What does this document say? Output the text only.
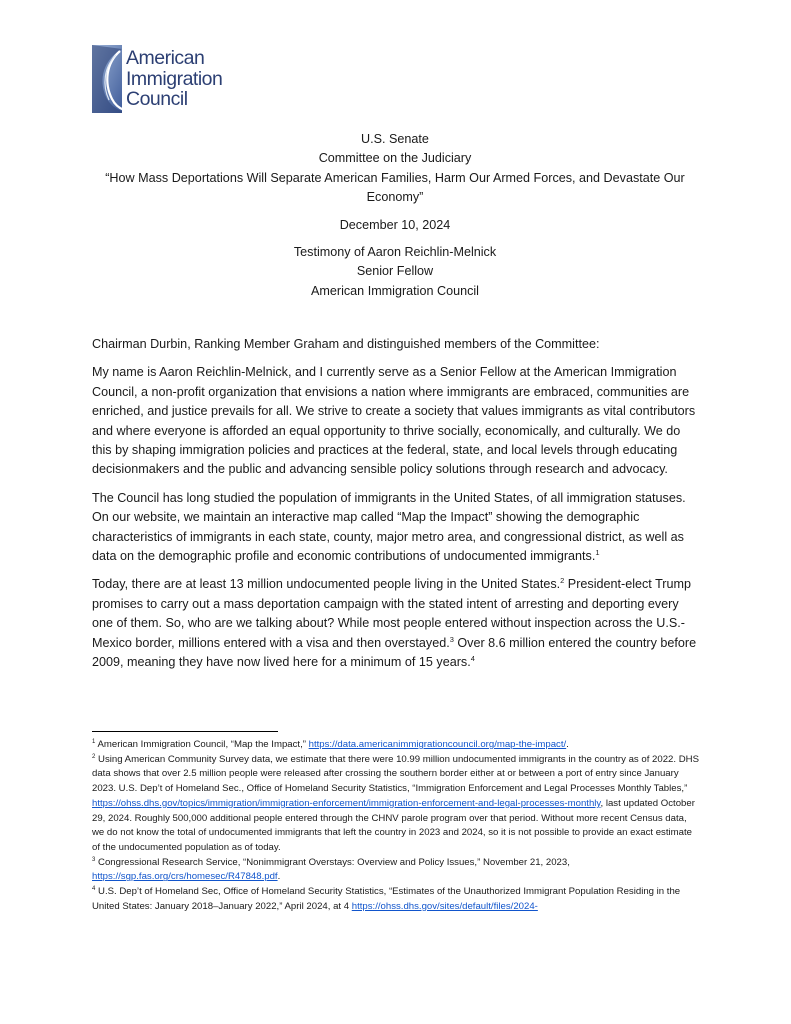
American
Immigration
Council
U.S. Senate
Committee on the Judiciary
“How Mass Deportations Will Separate American Families, Harm Our Armed Forces, and Devastate Our Economy”
December 10, 2024
Testimony of Aaron Reichlin-Melnick
Senior Fellow
American Immigration Council

Chairman Durbin, Ranking Member Graham and distinguished members of the Committee:

My name is Aaron Reichlin-Melnick, and I currently serve as a Senior Fellow at the American Immigration Council, a non-profit organization that envisions a nation where immigrants are embraced, communities are enriched, and justice prevails for all. We strive to create a society that values immigrants as vital contributors and where everyone is afforded an equal opportunity to thrive socially, economically, and culturally. We do this by shaping immigration policies and practices at the federal, state, and local levels through educating decisionmakers and the public and advancing sensible policy solutions through research and advocacy.

The Council has long studied the population of immigrants in the United States, of all immigration statuses. On our website, we maintain an interactive map called “Map the Impact” showing the demographic characteristics of immigrants in each state, county, major metro area, and congressional district, as well as data on the demographic profile and economic contributions of undocumented immigrants.$^1$

Today, there are at least 13 million undocumented people living in the United States.$^2$ President-elect Trump promises to carry out a mass deportation campaign with the stated intent of arresting and deporting every one of them. So, who are we talking about? While most people entered without inspection across the U.S.-Mexico border, millions entered with a visa and then overstayed.$^3$ Over 8.6 million entered the country before 2009, meaning they have now lived here for a minimum of 15 years.$^4$

$^1$ American Immigration Council, “Map the Impact,” https://data.americanimmigrationcouncil.org/map-the-impact/.

$^2$ Using American Community Survey data, we estimate that there were 10.99 million undocumented immigrants in the country as of 2022. DHS data shows that over 2.5 million people were released after crossing the southern border either at or between a port of entry since January 2023. U.S. Dep’t of Homeland Sec., Office of Homeland Security Statistics, “Immigration Enforcement and Legal Processes Monthly Tables,” https://ohss.dhs.gov/topics/immigration/immigration-enforcement/immigration-enforcement-and-legal-processes-monthly, last updated October 29, 2024. Roughly 500,000 additional people entered through the CHNV parole program over that period. Without more recent Census data, we do not know the total of undocumented immigrants that left the country in 2023 and 2024, so it is not possible to provide an exact estimate of the undocumented population as of today.

$^3$ Congressional Research Service, “Nonimmigrant Overstays: Overview and Policy Issues,” November 21, 2023, https://sgp.fas.org/crs/homesec/R47848.pdf.

$^4$ U.S. Dep’t of Homeland Sec, Office of Homeland Security Statistics, “Estimates of the Unauthorized Immigrant Population Residing in the United States: January 2018–January 2022,” April 2024, at 4 https://ohss.dhs.gov/sites/default/files/2024-
